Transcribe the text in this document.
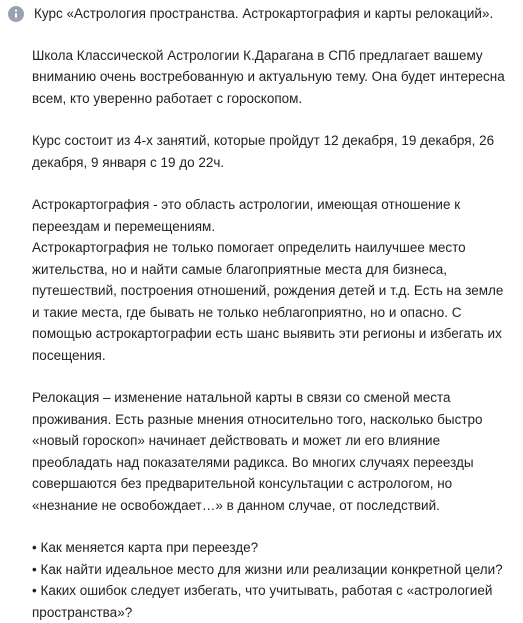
Курс «Астрология пространства. Астрокартография и карты релокаций».

Школа Классической Астрологии К.Дарагана в СПб предлагает вашему вниманию очень востребованную и актуальную тему. Она будет интересна всем, кто уверенно работает с гороскопом.

Курс состоит из 4-х занятий, которые пройдут 12 декабря, 19 декабря, 26 декабря, 9 января с 19 до 22ч.

Астрокартография - это область астрологии, имеющая отношение к переездам и перемещениям.

Астрокартография не только помогает определить наилучшее место жительства, но и найти самые благоприятные места для бизнеса, путешествий, построения отношений, рождения детей и т.д. Есть на земле и такие места, где бывать не только неблагоприятно, но и опасно. С помощью астрокартографии есть шанс выявить эти регионы и избегать их посещения.

Релокация – изменение натальной карты в связи со сменой места проживания. Есть разные мнения относительно того, насколько быстро «новый гороскоп» начинает действовать и может ли его влияние преобладать над показателями радикса. Во многих случаях переезды совершаются без предварительной консультации с астрологом, но «незнание не освобождает…» в данном случае, от последствий.

• Как меняется карта при переезде?
• Как найти идеальное место для жизни или реализации конкретной цели?
• Каких ошибок следует избегать, что учитывать, работая с «астрологией пространства»?
